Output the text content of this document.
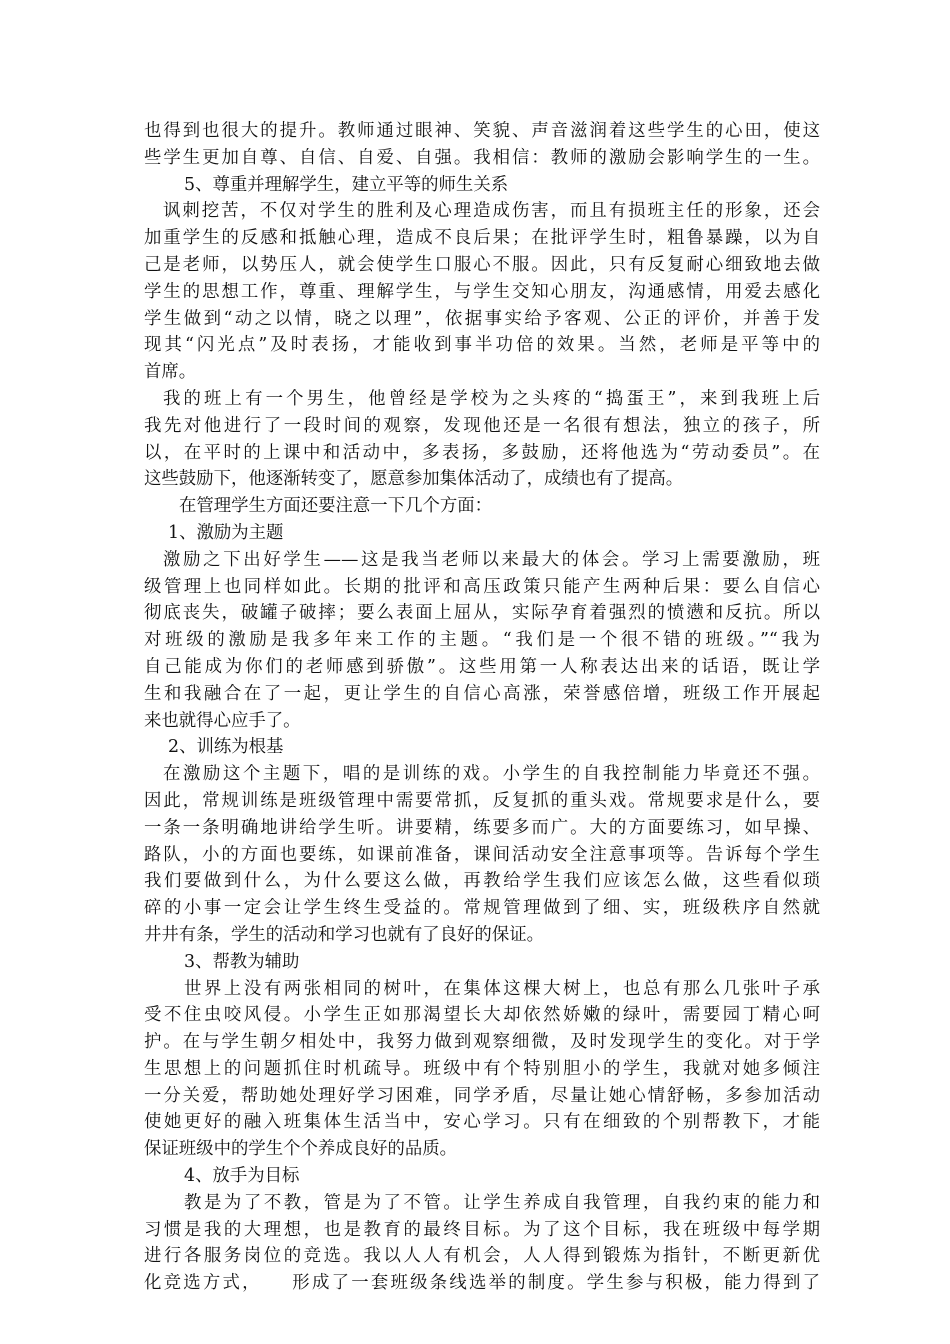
也得到也很大的提升。教师通过眼神、笑貌、声音滋润着这些学生的心田，使这
些学生更加自尊、自信、自爱、自强。我相信：教师的激励会影响学生的一生。
5、尊重并理解学生，建立平等的师生关系
讽刺挖苦，不仅对学生的胜利及心理造成伤害，而且有损班主任的形象，还会
加重学生的反感和抵触心理，造成不良后果；在批评学生时，粗鲁暴躁，以为自
己是老师，以势压人，就会使学生口服心不服。因此，只有反复耐心细致地去做
学生的思想工作，尊重、理解学生，与学生交知心朋友，沟通感情，用爱去感化
学生做到“动之以情，晓之以理”，依据事实给予客观、公正的评价，并善于发
现其“闪光点”及时表扬，才能收到事半功倍的效果。当然，老师是平等中的
首席。
我的班上有一个男生，他曾经是学校为之头疼的“捣蛋王”，来到我班上后
我先对他进行了一段时间的观察，发现他还是一名很有想法，独立的孩子，所
以，在平时的上课中和活动中，多表扬，多鼓励，还将他选为“劳动委员”。在
这些鼓励下，他逐渐转变了，愿意参加集体活动了，成绩也有了提高。
在管理学生方面还要注意一下几个方面：
1、激励为主题
激励之下出好学生——这是我当老师以来最大的体会。学习上需要激励，班
级管理上也同样如此。长期的批评和高压政策只能产生两种后果：要么自信心
彻底丧失，破罐子破摔；要么表面上屈从，实际孕育着强烈的愤懑和反抗。所以
对班级的激励是我多年来工作的主题。“我们是一个很不错的班级。”“我为
自己能成为你们的老师感到骄傲”。这些用第一人称表达出来的话语，既让学
生和我融合在了一起，更让学生的自信心高涨，荣誉感倍增，班级工作开展起
来也就得心应手了。
2、训练为根基
在激励这个主题下，唱的是训练的戏。小学生的自我控制能力毕竟还不强。
因此，常规训练是班级管理中需要常抓，反复抓的重头戏。常规要求是什么，要
一条一条明确地讲给学生听。讲要精，练要多而广。大的方面要练习，如早操、
路队，小的方面也要练，如课前准备，课间活动安全注意事项等。告诉每个学生
我们要做到什么，为什么要这么做，再教给学生我们应该怎么做，这些看似琐
碎的小事一定会让学生终生受益的。常规管理做到了细、实，班级秩序自然就
井井有条，学生的活动和学习也就有了良好的保证。
3、帮教为辅助
世界上没有两张相同的树叶，在集体这棵大树上，也总有那么几张叶子承
受不住虫咬风侵。小学生正如那渴望长大却依然娇嫩的绿叶，需要园丁精心呵
护。在与学生朝夕相处中，我努力做到观察细微，及时发现学生的变化。对于学
生思想上的问题抓住时机疏导。班级中有个特别胆小的学生，我就对她多倾注
一分关爱，帮助她处理好学习困难，同学矛盾，尽量让她心情舒畅，多参加活动
使她更好的融入班集体生活当中，安心学习。只有在细致的个别帮教下，才能
保证班级中的学生个个养成良好的品质。
4、放手为目标
教是为了不教，管是为了不管。让学生养成自我管理，自我约束的能力和
习惯是我的大理想，也是教育的最终目标。为了这个目标，我在班级中每学期
进行各服务岗位的竞选。我以人人有机会，人人得到锻炼为指针，不断更新优
化竞选方式，　　形成了一套班级条线选举的制度。学生参与积极，能力得到了
